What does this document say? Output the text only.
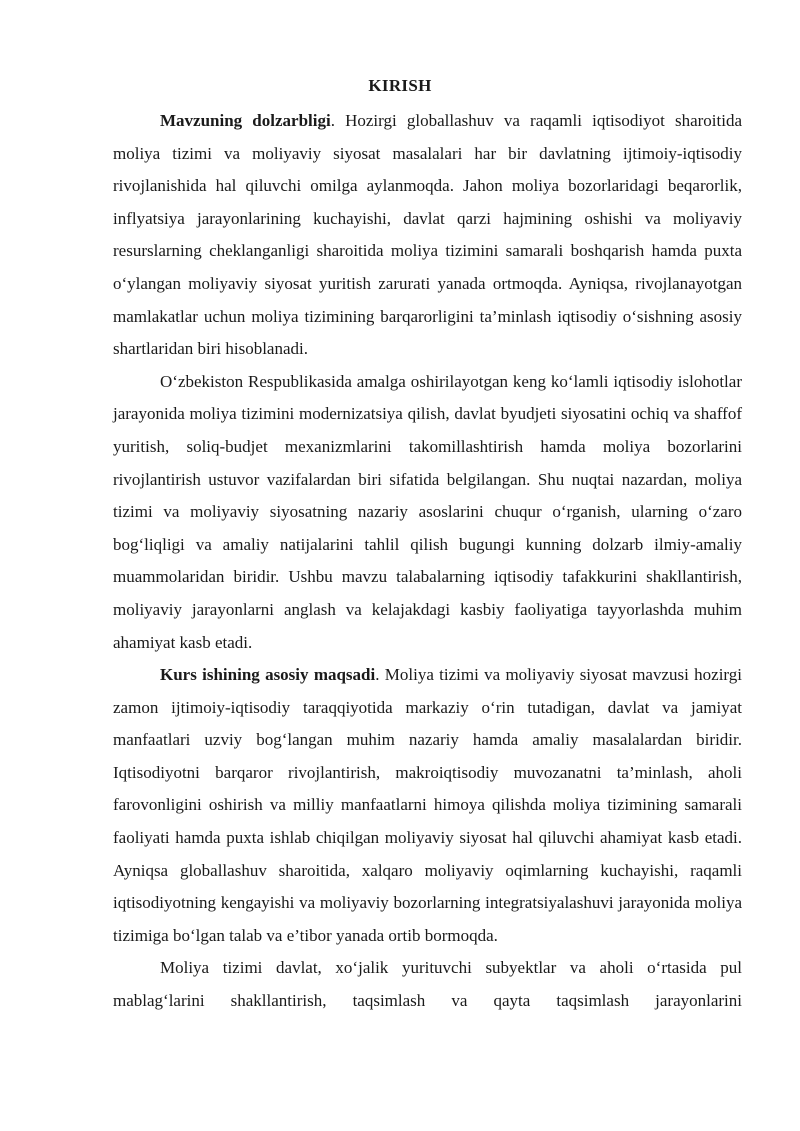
KIRISH

Mavzuning dolzarbligi. Hozirgi globallashuv va raqamli iqtisodiyot sharoitida moliya tizimi va moliyaviy siyosat masalalari har bir davlatning ijtimoiy-iqtisodiy rivojlanishida hal qiluvchi omilga aylanmoqda. Jahon moliya bozorlaridagi beqarorlik, inflyatsiya jarayonlarining kuchayishi, davlat qarzi hajmining oshishi va moliyaviy resurslarning cheklanganligi sharoitida moliya tizimini samarali boshqarish hamda puxta o‘ylangan moliyaviy siyosat yuritish zarurati yanada ortmoqda. Ayniqsa, rivojlanayotgan mamlakatlar uchun moliya tizimining barqarorligini ta’minlash iqtisodiy o‘sishning asosiy shartlaridan biri hisoblanadi.

O‘zbekiston Respublikasida amalga oshirilayotgan keng ko‘lamli iqtisodiy islohotlar jarayonida moliya tizimini modernizatsiya qilish, davlat byudjeti siyosatini ochiq va shaffof yuritish, soliq-budjet mexanizmlarini takomillashtirish hamda moliya bozorlarini rivojlantirish ustuvor vazifalardan biri sifatida belgilangan. Shu nuqtai nazardan, moliya tizimi va moliyaviy siyosatning nazariy asoslarini chuqur o‘rganish, ularning o‘zaro bog‘liqligi va amaliy natijalarini tahlil qilish bugungi kunning dolzarb ilmiy-amaliy muammolaridan biridir. Ushbu mavzu talabalarning iqtisodiy tafakkurini shakllantirish, moliyaviy jarayonlarni anglash va kelajakdagi kasbiy faoliyatiga tayyorlashda muhim ahamiyat kasb etadi.

Kurs ishining asosiy maqsadi. Moliya tizimi va moliyaviy siyosat mavzusi hozirgi zamon ijtimoiy-iqtisodiy taraqqiyotida markaziy o‘rin tutadigan, davlat va jamiyat manfaatlari uzviy bog‘langan muhim nazariy hamda amaliy masalalardan biridir. Iqtisodiyotni barqaror rivojlantirish, makroiqtisodiy muvozanatni ta’minlash, aholi farovonligini oshirish va milliy manfaatlarni himoya qilishda moliya tizimining samarali faoliyati hamda puxta ishlab chiqilgan moliyaviy siyosat hal qiluvchi ahamiyat kasb etadi. Ayniqsa globallashuv sharoitida, xalqaro moliyaviy oqimlarning kuchayishi, raqamli iqtisodiyotning kengayishi va moliyaviy bozorlarning integratsiyalashuvi jarayonida moliya tizimiga bo‘lgan talab va e’tibor yanada ortib bormoqda.

Moliya tizimi davlat, xo‘jalik yurituvchi subyektlar va aholi o‘rtasida pul mablag‘larini shakllantirish, taqsimlash va qayta taqsimlash jarayonlarini
